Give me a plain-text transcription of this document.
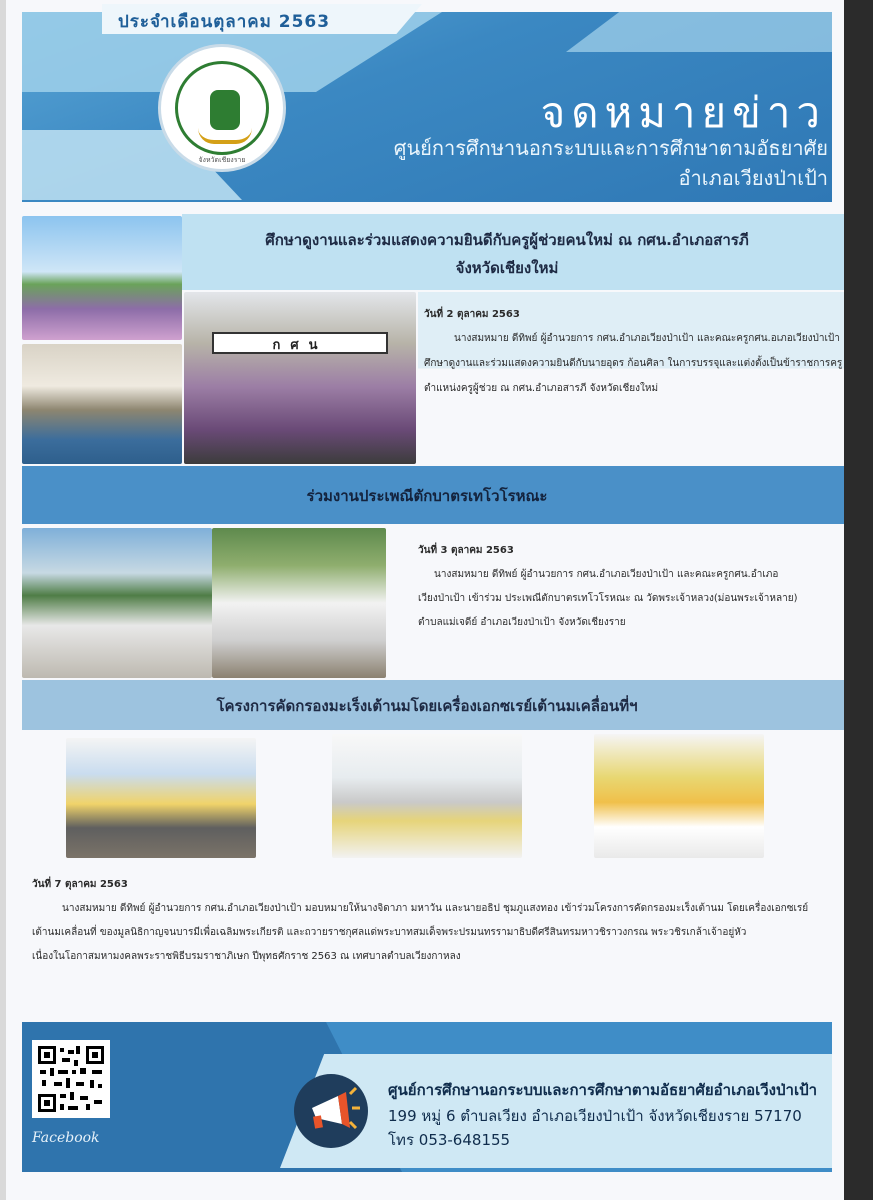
ประจำเดือนตุลาคม 2563
จังหวัดเชียงราย
จดหมายข่าว
ศูนย์การศึกษานอกระบบและการศึกษาตามอัธยาศัย
อำเภอเวียงป่าเป้า
ศึกษาดูงานและร่วมแสดงความยินดีกับครูผู้ช่วยคนใหม่ ณ กศน.อำเภอสารภี
จังหวัดเชียงใหม่
กศน
วันที่ 2 ตุลาคม 2563
นางสมหมาย ดีทิพย์ ผู้อำนวยการ กศน.อำเภอเวียงป่าเป้า และคณะครูกศน.อเภอเวียงป่าเป้า
ศึกษาดูงานและร่วมแสดงความยินดีกับนายอุดร ก้อนศิลา ในการบรรจุและแต่งตั้งเป็นข้าราชการครู
ตำแหน่งครูผู้ช่วย ณ กศน.อำเภอสารภี จังหวัดเชียงใหม่
ร่วมงานประเพณีตักบาตรเทโวโรหณะ
วันที่ 3 ตุลาคม 2563
นางสมหมาย ดีทิพย์ ผู้อำนวยการ กศน.อำเภอเวียงป่าเป้า และคณะครูกศน.อำเภอ
เวียงป่าเป้า เข้าร่วม ประเพณีตักบาตรเทโวโรหณะ ณ วัดพระเจ้าหลวง(ม่อนพระเจ้าหลาย)
ตำบลแม่เจดีย์ อำเภอเวียงป่าเป้า จังหวัดเชียงราย
โครงการคัดกรองมะเร็งเต้านมโดยเครื่องเอกซเรย์เต้านมเคลื่อนที่ฯ
วันที่ 7 ตุลาคม 2563
นางสมหมาย ดีทิพย์ ผู้อำนวยการ กศน.อำเภอเวียงป่าเป้า มอบหมายให้นางจิดาภา มหาวัน และนายอธิป ชุมภูแสงทอง เข้าร่วมโครงการคัดกรองมะเร็งเต้านม โดยเครื่องเอกซเรย์
เต้านมเคลื่อนที่ ของมูลนิธิกาญจนบารมีเพื่อเฉลิมพระเกียรติ และถวายราชกุศลแด่พระบาทสมเด็จพระปรมนทรรามาธิบดีศรีสินทรมหาวชิราวงกรณ พระวชิรเกล้าเจ้าอยู่หัว
เนื่องในโอกาสมหามงคลพระราชพิธีบรมราชาภิเษก ปีพุทธศักราช 2563 ณ เทศบาลตำบลเวียงกาหลง
Facebook
ศูนย์การศึกษานอกระบบและการศึกษาตามอัธยาศัยอำเภอเวีงป่าเป้า
199 หมู่ 6 ตำบลเวียง อำเภอเวียงป่าเป้า จังหวัดเชียงราย 57170
โทร 053-648155
